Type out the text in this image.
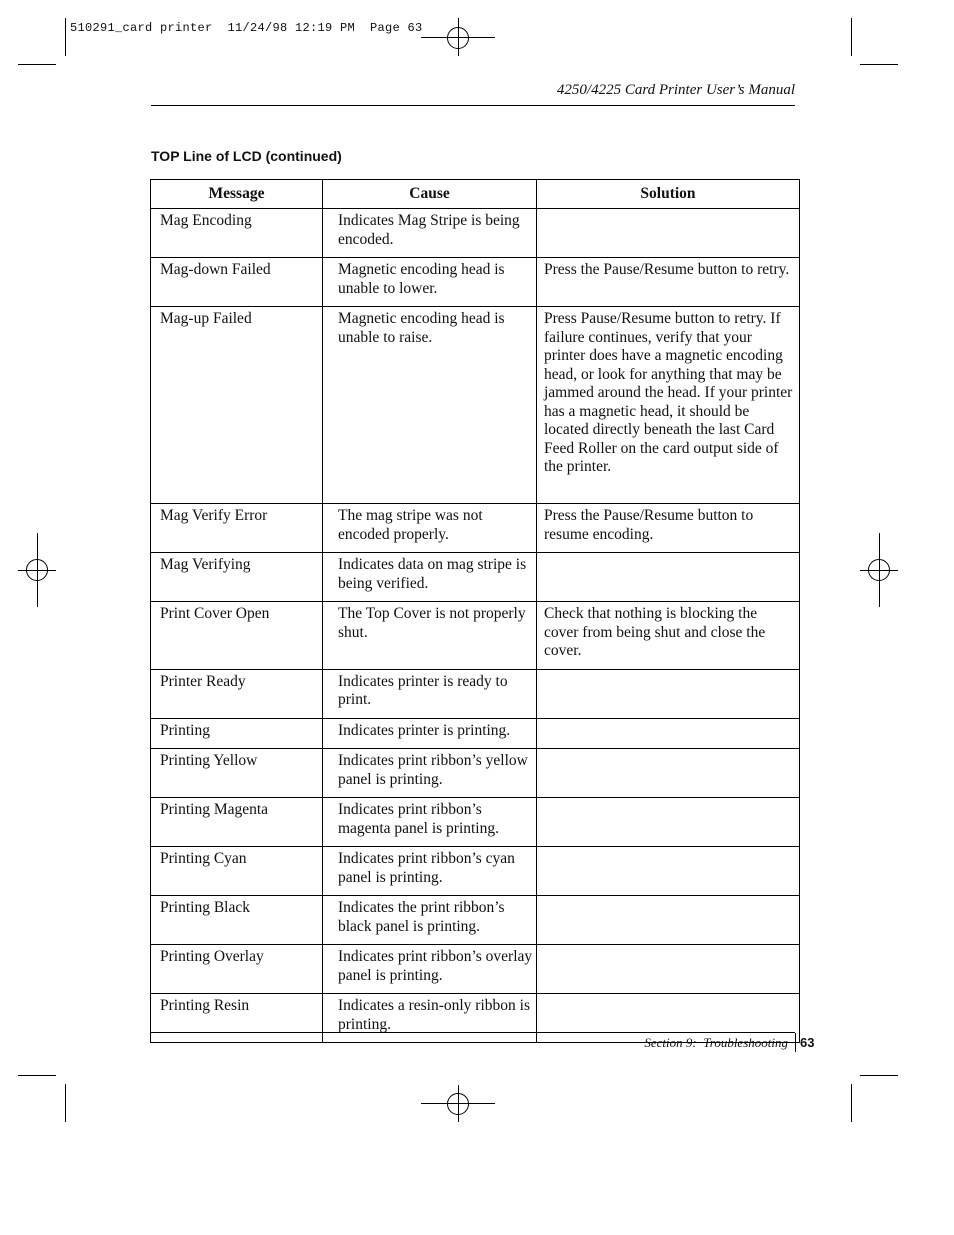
510291_card printer  11/24/98 12:19 PM  Page 63
4250/4225 Card Printer User’s Manual
TOP Line of LCD (continued)
Message	Cause	Solution
Mag Encoding	Indicates Mag Stripe is being encoded.	
Mag-down Failed	Magnetic encoding head is unable to lower.	Press the Pause/Resume button to retry.
Mag-up Failed	Magnetic encoding head is unable to raise.	Press Pause/Resume button to retry. If failure continues, verify that your printer does have a magnetic encoding head, or look for anything that may be jammed around the head. If your printer has a magnetic head, it should be located directly beneath the last Card Feed Roller on the card output side of the printer.
Mag Verify Error	The mag stripe was not encoded properly.	Press the Pause/Resume button to resume encoding.
Mag Verifying	Indicates data on mag stripe is being verified.	
Print Cover Open	The Top Cover is not properly shut.	Check that nothing is blocking the cover from being shut and close the cover.
Printer Ready	Indicates printer is ready to print.	
Printing	Indicates printer is printing.	
Printing Yellow	Indicates print ribbon’s yellow panel is printing.	
Printing Magenta	Indicates print ribbon’s magenta panel is printing.	
Printing Cyan	Indicates print ribbon’s cyan panel is printing.	
Printing Black	Indicates the print ribbon’s black panel is printing.	
Printing Overlay	Indicates print ribbon’s overlay panel is printing.	
Printing Resin	Indicates a resin-only ribbon is printing.	
Section 9:  Troubleshooting 63
